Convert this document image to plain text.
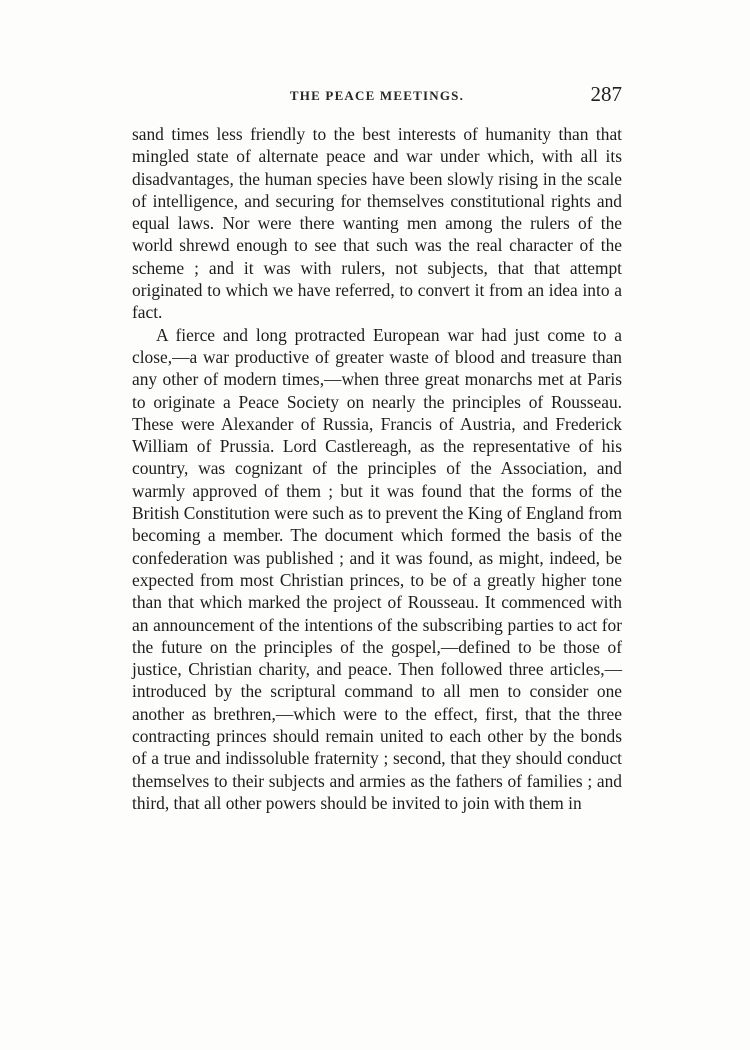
THE PEACE MEETINGS.	287

sand times less friendly to the best interests of humanity than that mingled state of alternate peace and war under which, with all its disadvantages, the human species have been slowly rising in the scale of intelligence, and securing for themselves constitutional rights and equal laws. Nor were there wanting men among the rulers of the world shrewd enough to see that such was the real character of the scheme ; and it was with rulers, not subjects, that that attempt originated to which we have referred, to convert it from an idea into a fact.

A fierce and long protracted European war had just come to a close,—a war productive of greater waste of blood and treasure than any other of modern times,—when three great monarchs met at Paris to originate a Peace Society on nearly the principles of Rousseau. These were Alexander of Russia, Francis of Austria, and Frederick William of Prussia. Lord Castlereagh, as the representative of his country, was cognizant of the principles of the Association, and warmly approved of them ; but it was found that the forms of the British Constitution were such as to prevent the King of England from becoming a member. The document which formed the basis of the confederation was published ; and it was found, as might, indeed, be expected from most Christian princes, to be of a greatly higher tone than that which marked the project of Rousseau. It commenced with an announcement of the intentions of the subscribing parties to act for the future on the principles of the gospel,—defined to be those of justice, Christian charity, and peace. Then followed three articles,—introduced by the scriptural command to all men to consider one another as brethren,—which were to the effect, first, that the three contracting princes should remain united to each other by the bonds of a true and indissoluble fraternity ; second, that they should conduct themselves to their subjects and armies as the fathers of families ; and third, that all other powers should be invited to join with them in
